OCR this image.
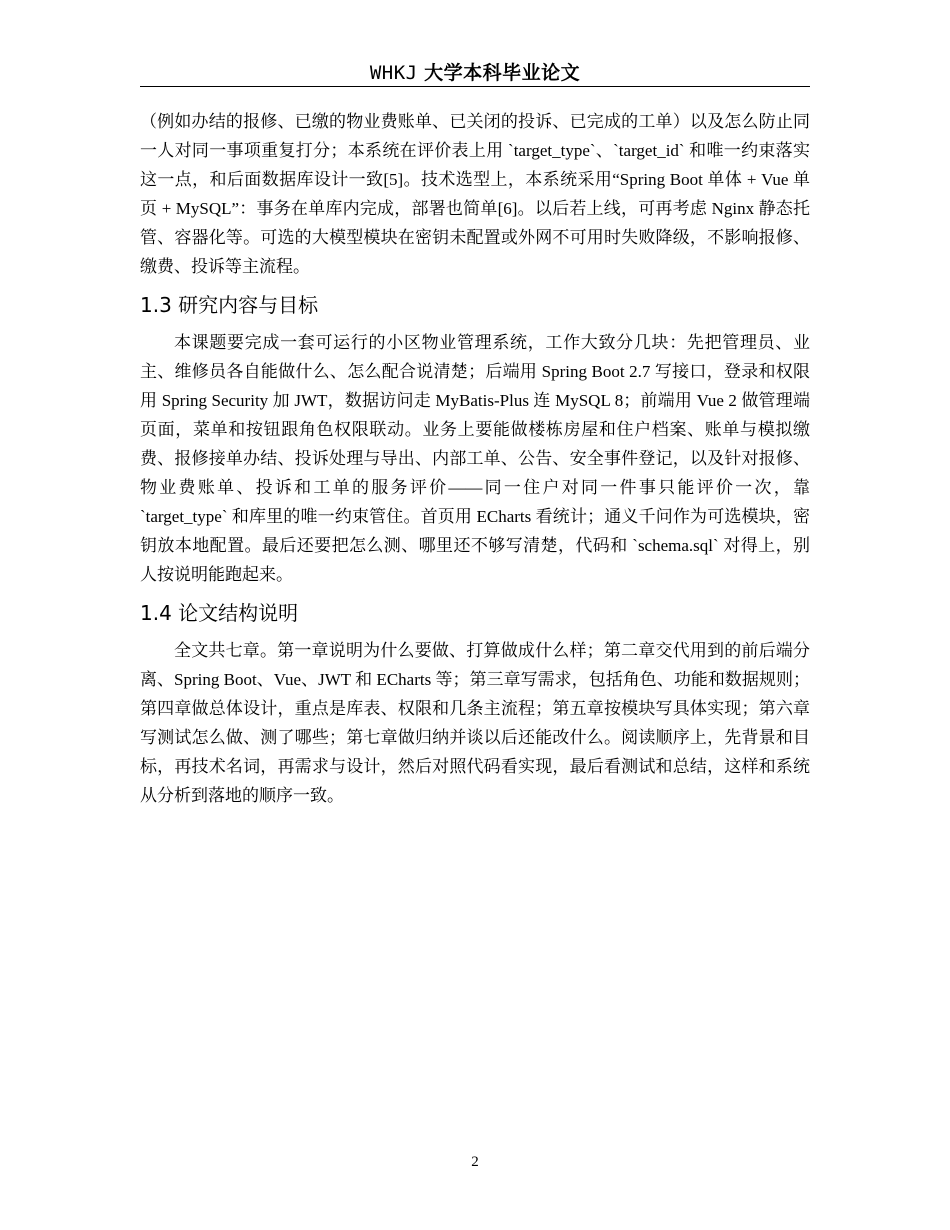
WHKJ 大学本科毕业论文

（例如办结的报修、已缴的物业费账单、已关闭的投诉、已完成的工单）以及怎么防止同一人对同一事项重复打分；本系统在评价表上用 `target_type`、`target_id` 和唯一约束落实这一点，和后面数据库设计一致[5]。技术选型上，本系统采用“Spring Boot 单体 + Vue 单页 + MySQL”：事务在单库内完成，部署也简单[6]。以后若上线，可再考虑 Nginx 静态托管、容器化等。可选的大模型模块在密钥未配置或外网不可用时失败降级，不影响报修、缴费、投诉等主流程。

1.3 研究内容与目标

本课题要完成一套可运行的小区物业管理系统，工作大致分几块：先把管理员、业主、维修员各自能做什么、怎么配合说清楚；后端用 Spring Boot 2.7 写接口，登录和权限用 Spring Security 加 JWT，数据访问走 MyBatis-Plus 连 MySQL 8；前端用 Vue 2 做管理端页面，菜单和按钮跟角色权限联动。业务上要能做楼栋房屋和住户档案、账单与模拟缴费、报修接单办结、投诉处理与导出、内部工单、公告、安全事件登记，以及针对报修、物业费账单、投诉和工单的服务评价——同一住户对同一件事只能评价一次，靠 `target_type` 和库里的唯一约束管住。首页用 ECharts 看统计；通义千问作为可选模块，密钥放本地配置。最后还要把怎么测、哪里还不够写清楚，代码和 `schema.sql` 对得上，别人按说明能跑起来。

1.4 论文结构说明

全文共七章。第一章说明为什么要做、打算做成什么样；第二章交代用到的前后端分离、Spring Boot、Vue、JWT 和 ECharts 等；第三章写需求，包括角色、功能和数据规则；第四章做总体设计，重点是库表、权限和几条主流程；第五章按模块写具体实现；第六章写测试怎么做、测了哪些；第七章做归纳并谈以后还能改什么。阅读顺序上，先背景和目标，再技术名词，再需求与设计，然后对照代码看实现，最后看测试和总结，这样和系统从分析到落地的顺序一致。

2
